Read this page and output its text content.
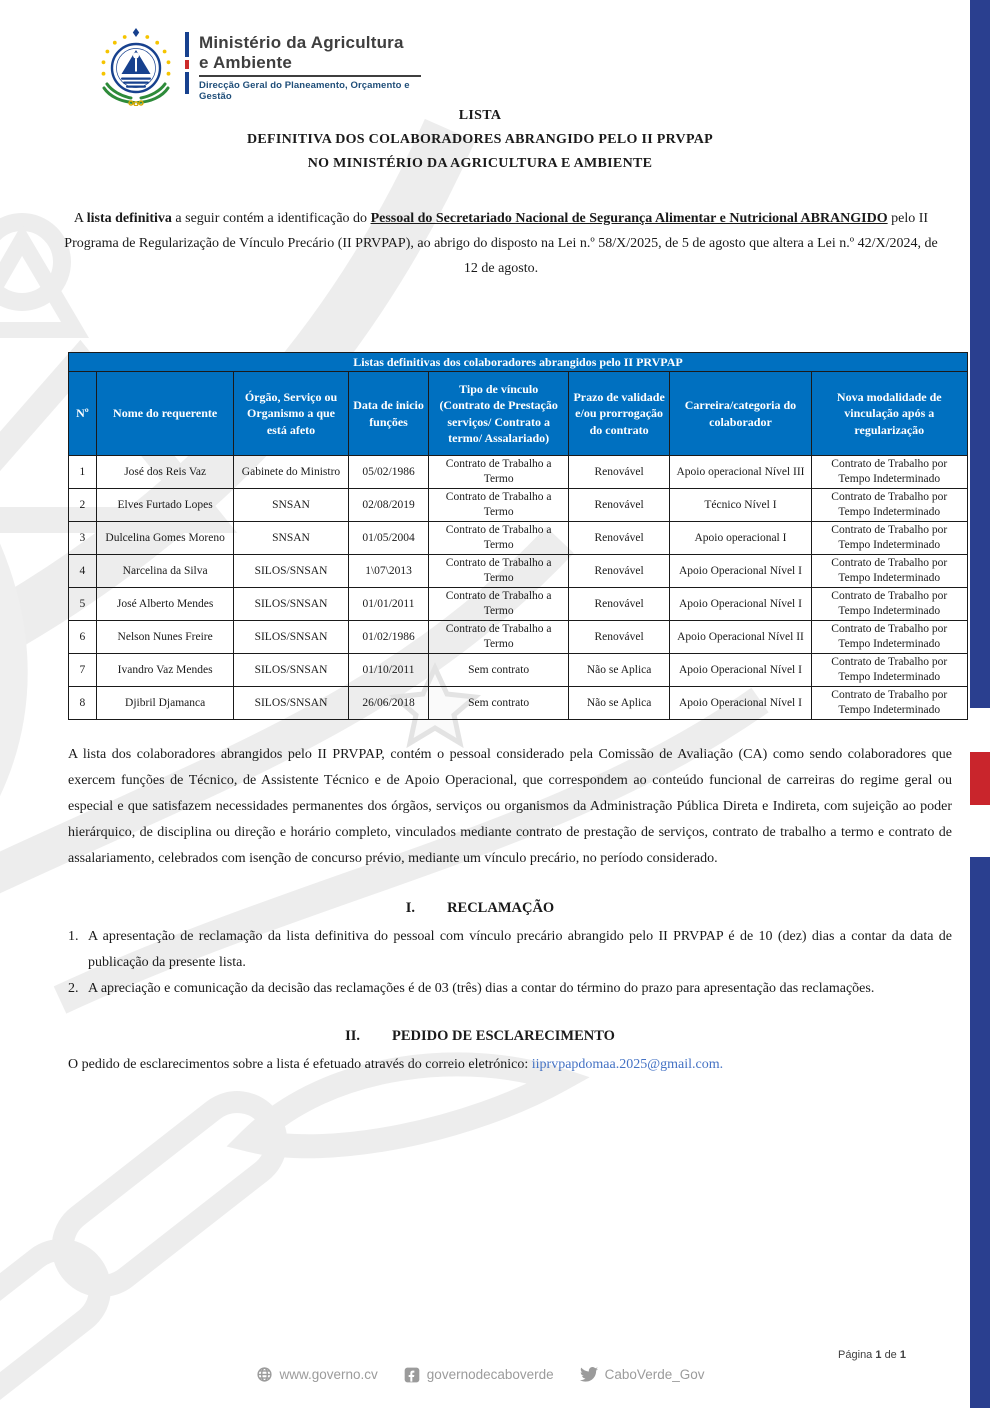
Ministério da Agricultura
e Ambiente
Direcção Geral do Planeamento, Orçamento e Gestão
LISTA
DEFINITIVA DOS COLABORADORES ABRANGIDO PELO II PRVPAP
NO MINISTÉRIO DA AGRICULTURA E AMBIENTE

A lista definitiva a seguir contém a identificação do Pessoal do Secretariado Nacional de Segurança Alimentar e Nutricional ABRANGIDO pelo II Programa de Regularização de Vínculo Precário (II PRVPAP), ao abrigo do disposto na Lei n.º 58/X/2025, de 5 de agosto que altera a Lei n.º 42/X/2024, de 12 de agosto.

Listas definitivas dos colaboradores abrangidos pelo II PRVPAP							
Nº	Nome do requerente	Órgão, Serviço ou Organismo a que está afeto	Data de inicio funções	Tipo de vínculo (Contrato de Prestação serviços/ Contrato a termo/ Assalariado)	Prazo de validade e/ou prorrogação do contrato	Carreira/categoria do colaborador	Nova modalidade de vinculação após a regularização
1	José dos Reis Vaz	Gabinete do Ministro	05/02/1986	Contrato de Trabalho a Termo	Renovável	Apoio operacional Nível III	Contrato de Trabalho por Tempo Indeterminado
2	Elves Furtado Lopes	SNSAN	02/08/2019	Contrato de Trabalho a Termo	Renovável	Técnico Nível I	Contrato de Trabalho por Tempo Indeterminado
3	Dulcelina Gomes Moreno	SNSAN	01/05/2004	Contrato de Trabalho a Termo	Renovável	Apoio operacional I	Contrato de Trabalho por Tempo Indeterminado
4	Narcelina da Silva	SILOS/SNSAN	1\07\2013	Contrato de Trabalho a Termo	Renovável	Apoio Operacional Nível I	Contrato de Trabalho por Tempo Indeterminado
5	José Alberto Mendes	SILOS/SNSAN	01/01/2011	Contrato de Trabalho a Termo	Renovável	Apoio Operacional Nível I	Contrato de Trabalho por Tempo Indeterminado
6	Nelson Nunes Freire	SILOS/SNSAN	01/02/1986	Contrato de Trabalho a Termo	Renovável	Apoio Operacional Nível II	Contrato de Trabalho por Tempo Indeterminado
7	Ivandro Vaz Mendes	SILOS/SNSAN	01/10/2011	Sem contrato	Não se Aplica	Apoio Operacional Nível I	Contrato de Trabalho por Tempo Indeterminado
8	Djibril Djamanca	SILOS/SNSAN	26/06/2018	Sem contrato	Não se Aplica	Apoio Operacional Nível I	Contrato de Trabalho por Tempo Indeterminado

A lista dos colaboradores abrangidos pelo II PRVPAP, contém o pessoal considerado pela Comissão de Avaliação (CA) como sendo colaboradores que exercem funções de Técnico, de Assistente Técnico e de Apoio Operacional, que correspondem ao conteúdo funcional de carreiras do regime geral ou especial e que satisfazem necessidades permanentes dos órgãos, serviços ou organismos da Administração Pública Direta e Indireta, com sujeição ao poder hierárquico, de disciplina ou direção e horário completo, vinculados mediante contrato de prestação de serviços, contrato de trabalho a termo e contrato de assalariamento, celebrados com isenção de concurso prévio, mediante um vínculo precário, no período considerado.

I. RECLAMAÇÃO
1. A apresentação de reclamação da lista definitiva do pessoal com vínculo precário abrangido pelo II PRVPAP é de 10 (dez) dias a contar da data de publicação da presente lista.
2. A apreciação e comunicação da decisão das reclamações é de 03 (três) dias a contar do término do prazo para apresentação das reclamações.
II. PEDIDO DE ESCLARECIMENTO

O pedido de esclarecimentos sobre a lista é efetuado através do correio eletrónico: iiprvpapdomaa.2025@gmail.com.

Página 1 de 1
www.governo.cv	governodecaboverde	CaboVerde_Gov
